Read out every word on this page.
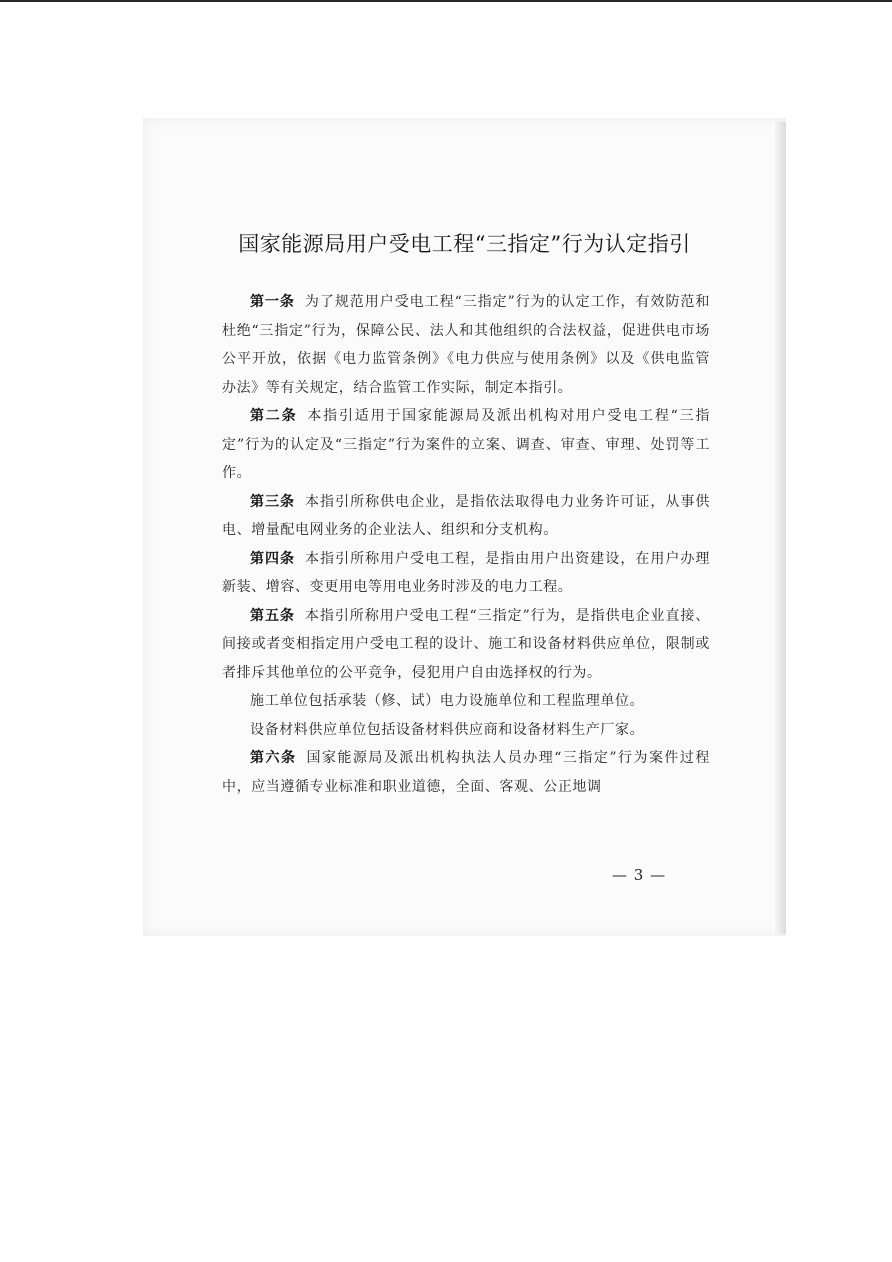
国家能源局用户受电工程“三指定”行为认定指引

第一条 为了规范用户受电工程“三指定”行为的认定工作，有效防范和杜绝“三指定”行为，保障公民、法人和其他组织的合法权益，促进供电市场公平开放，依据《电力监管条例》《电力供应与使用条例》以及《供电监管办法》等有关规定，结合监管工作实际，制定本指引。

第二条 本指引适用于国家能源局及派出机构对用户受电工程“三指定”行为的认定及“三指定”行为案件的立案、调查、审查、审理、处罚等工作。

第三条 本指引所称供电企业，是指依法取得电力业务许可证，从事供电、增量配电网业务的企业法人、组织和分支机构。

第四条 本指引所称用户受电工程，是指由用户出资建设，在用户办理新装、增容、变更用电等用电业务时涉及的电力工程。

第五条 本指引所称用户受电工程“三指定”行为，是指供电企业直接、间接或者变相指定用户受电工程的设计、施工和设备材料供应单位，限制或者排斥其他单位的公平竞争，侵犯用户自由选择权的行为。

施工单位包括承装（修、试）电力设施单位和工程监理单位。

设备材料供应单位包括设备材料供应商和设备材料生产厂家。

第六条 国家能源局及派出机构执法人员办理“三指定”行为案件过程中，应当遵循专业标准和职业道德，全面、客观、公正地调

— 3 —
